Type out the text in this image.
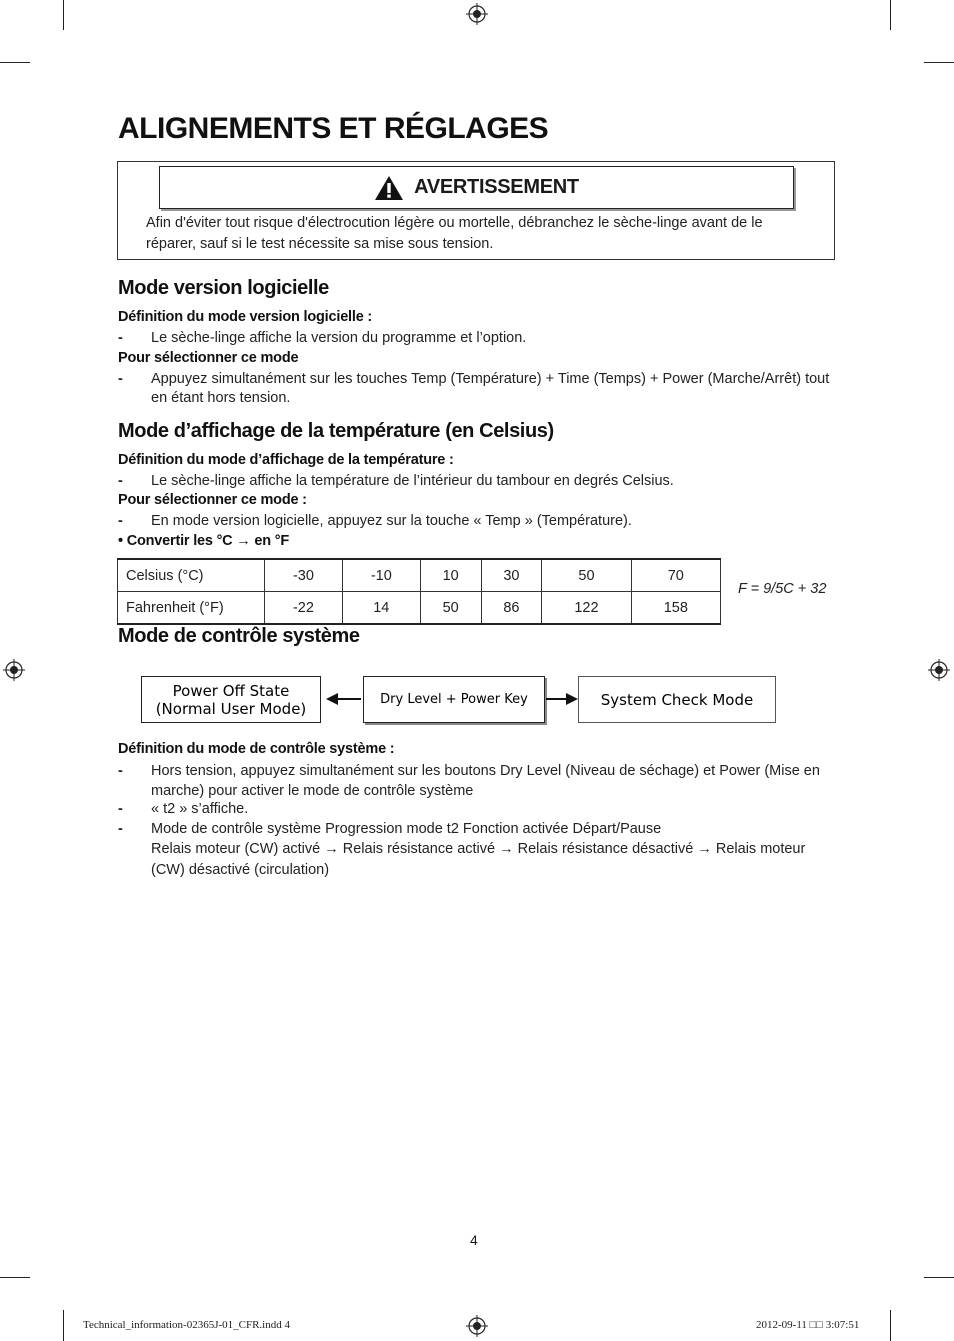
ALIGNEMENTS ET RÉGLAGES
AVERTISSEMENT
Afin d'éviter tout risque d'électrocution légère ou mortelle, débranchez le sèche-linge avant de le réparer, sauf si le test nécessite sa mise sous tension.
Mode version logicielle
Définition du mode version logicielle :
- Le sèche-linge affiche la version du programme et l’option.
Pour sélectionner ce mode
- Appuyez simultanément sur les touches Temp (Température) + Time (Temps) + Power (Marche/Arrêt) tout en étant hors tension.
Mode d’affichage de la température (en Celsius)
Définition du mode d’affichage de la température :
- Le sèche-linge affiche la température de l’intérieur du tambour en degrés Celsius.
Pour sélectionner ce mode :
- En mode version logicielle, appuyez sur la touche « Temp » (Température).
• Convertir les °C → en °F
Celsius (°C)	-30	-10	10	30	50	70
Fahrenheit (°F)	-22	14	50	86	122	158
F = 9/5C + 32
Mode de contrôle système
Power Off State
(Normal User Mode)	Dry Level + Power Key	System Check Mode
Définition du mode de contrôle système :
- Hors tension, appuyez simultanément sur les boutons Dry Level (Niveau de séchage) et Power (Mise en marche) pour activer le mode de contrôle système
- « t2 » s’affiche.
- Mode de contrôle système Progression mode t2 Fonction activée Départ/Pause
Relais moteur (CW) activé → Relais résistance activé → Relais résistance désactivé → Relais moteur (CW) désactivé (circulation)
4
Technical_information-02365J-01_CFR.indd 4	2012-09-11 □□ 3:07:51
